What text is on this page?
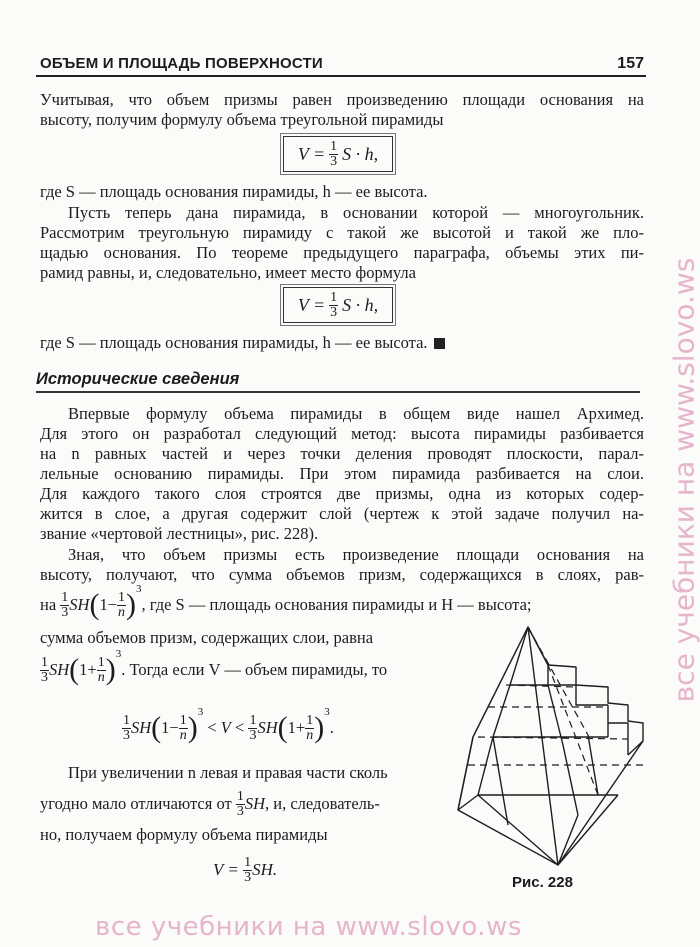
ОБЪЕМ И ПЛОЩАДЬ ПОВЕРХНОСТИ	157
Учитывая, что объем призмы равен произведению площади основания на
высоту, получим формулу объема треугольной пирамиды
$V = \frac{1}{3}$ S · h,
где S — площадь основания пирамиды, h — ее высота.
Пусть теперь дана пирамида, в основании которой — многоугольник.
Рассмотрим треугольную пирамиду с такой же высотой и такой же пло-
щадью основания. По теореме предыдущего параграфа, объемы этих пи-
рамид равны, и, следовательно, имеет место формула
$V = \frac{1}{3}$ S · h,
где S — площадь основания пирамиды, h — ее высота.
Исторические сведения
Впервые формулу объема пирамиды в общем виде нашел Архимед.
Для этого он разработал следующий метод: высота пирамиды разбивается
на n равных частей и через точки деления проводят плоскости, парал-
лельные основанию пирамиды. При этом пирамида разбивается на слои.
Для каждого такого слоя строятся две призмы, одна из которых содер-
жится в слое, а другая содержит слой (чертеж к этой задаче получил на-
звание «чертовой лестницы», рис. 228).
Зная, что объем призмы есть произведение площади основания на
высоту, получают, что сумма объемов призм, содержащихся в слоях, рав-
на
$\frac{1}{3}$ SH ( $1 - \frac{1}{n}$ ) 3
, где S — площадь основания пирамиды и H — высота;
сумма объемов призм, содержащих слои, равна
$\frac{1}{3}$ SH ( $1 + \frac{1}{n}$ ) 3
. Тогда если V — объем пирамиды, то
$\frac{1}{3}$ SH ( $1 - \frac{1}{n}$ ) 3

<
V
<
$\frac{1}{3}$ SH ( $1 + \frac{1}{n}$ ) 3
.
При увеличении n левая и правая части сколь
угодно мало отличаются от
$\frac{1}{3}$ SH , и, следователь-
но, получаем формулу объема пирамиды
V =
$\frac{1}{3}$ SH.
Рис. 228
все учебники на www.slovo.ws
все учебники на www.slovo.ws
